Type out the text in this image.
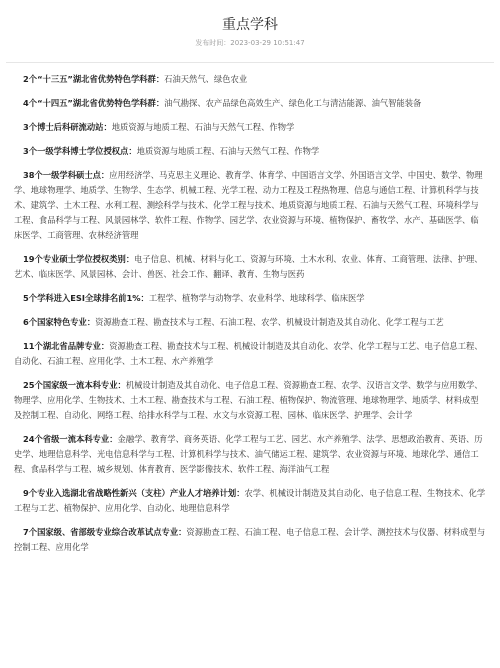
重点学科
发布时间：2023-03-29 10:51:47

2个“十三五”湖北省优势特色学科群：石油天然气、绿色农业

4个“十四五”湖北省优势特色学科群：油气勘探、农产品绿色高效生产、绿色化工与清洁能源、油气智能装备

3个博士后科研流动站：地质资源与地质工程、石油与天然气工程、作物学

3个一级学科博士学位授权点：地质资源与地质工程、石油与天然气工程、作物学

38个一级学科硕士点：应用经济学、马克思主义理论、教育学、体育学、中国语言文学、外国语言文学、中国史、数学、物理学、地球物理学、地质学、生物学、生态学、机械工程、光学工程、动力工程及工程热物理、信息与通信工程、计算机科学与技术、建筑学、土木工程、水利工程、测绘科学与技术、化学工程与技术、地质资源与地质工程、石油与天然气工程、环境科学与工程、食品科学与工程、风景园林学、软件工程、作物学、园艺学、农业资源与环境、植物保护、畜牧学、水产、基础医学、临床医学、工商管理、农林经济管理

19个专业硕士学位授权类别：电子信息、机械、材料与化工、资源与环境、土木水利、农业、体育、工商管理、法律、护理、艺术、临床医学、风景园林、会计、兽医、社会工作、翻译、教育、生物与医药

5个学科进入ESI全球排名前1%：工程学、植物学与动物学、农业科学、地球科学、临床医学

6个国家特色专业：资源勘查工程、勘查技术与工程、石油工程、农学、机械设计制造及其自动化、化学工程与工艺

11个湖北省品牌专业：资源勘查工程、勘查技术与工程、机械设计制造及其自动化、农学、化学工程与工艺、电子信息工程、自动化、石油工程、应用化学、土木工程、水产养殖学

25个国家级一流本科专业：机械设计制造及其自动化、电子信息工程、资源勘查工程、农学、汉语言文学、数学与应用数学、物理学、应用化学、生物技术、土木工程、勘查技术与工程、石油工程、植物保护、物流管理、地球物理学、地质学、材料成型及控制工程、自动化、网络工程、给排水科学与工程、水文与水资源工程、园林、临床医学、护理学、会计学

24个省级一流本科专业：金融学、教育学、商务英语、化学工程与工艺、园艺、水产养殖学、法学、思想政治教育、英语、历史学、地理信息科学、光电信息科学与工程、计算机科学与技术、油气储运工程、建筑学、农业资源与环境、地球化学、通信工程、食品科学与工程、城乡规划、体育教育、医学影像技术、软件工程、海洋油气工程

9个专业入选湖北省战略性新兴（支柱）产业人才培养计划：农学、机械设计制造及其自动化、电子信息工程、生物技术、化学工程与工艺、植物保护、应用化学、自动化、地理信息科学

7个国家级、省部级专业综合改革试点专业：资源勘查工程、石油工程、电子信息工程、会计学、测控技术与仪器、材料成型与控制工程、应用化学
